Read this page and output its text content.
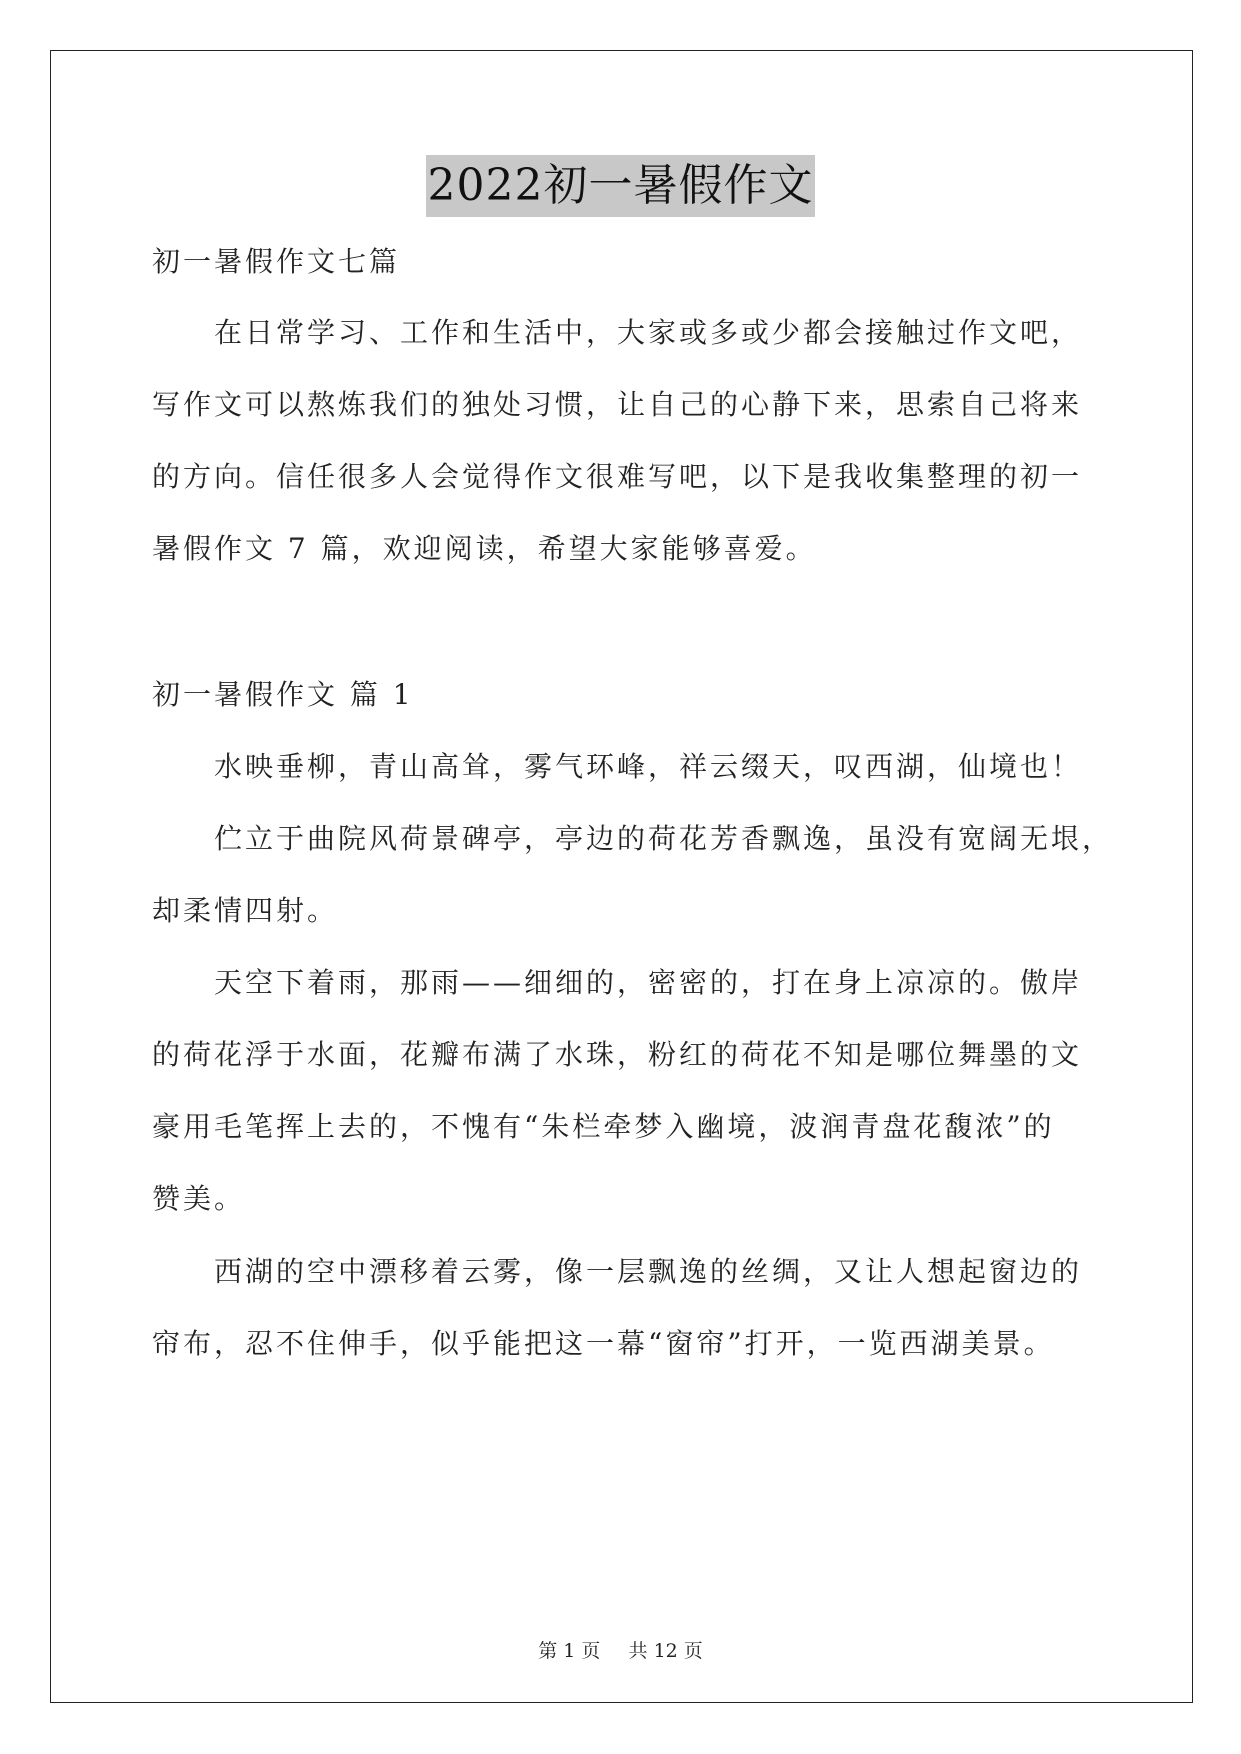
2022初一暑假作文
初一暑假作文七篇
　　在日常学习、工作和生活中，大家或多或少都会接触过作文吧，
写作文可以熬炼我们的独处习惯，让自己的心静下来，思索自己将来
的方向。信任很多人会觉得作文很难写吧，以下是我收集整理的初一
暑假作文 7 篇，欢迎阅读，希望大家能够喜爱。
初一暑假作文 篇 1
　　水映垂柳，青山高耸，雾气环峰，祥云缀天，叹西湖，仙境也！
　　伫立于曲院风荷景碑亭，亭边的荷花芳香飘逸，虽没有宽阔无垠，
却柔情四射。
　　天空下着雨，那雨——细细的，密密的，打在身上凉凉的。傲岸
的荷花浮于水面，花瓣布满了水珠，粉红的荷花不知是哪位舞墨的文
豪用毛笔挥上去的，不愧有“朱栏牵梦入幽境，波润青盘花馥浓”的
赞美。
　　西湖的空中漂移着云雾，像一层飘逸的丝绸，又让人想起窗边的
帘布，忍不住伸手，似乎能把这一幕“窗帘”打开，一览西湖美景。
第 1 页 共 12 页
